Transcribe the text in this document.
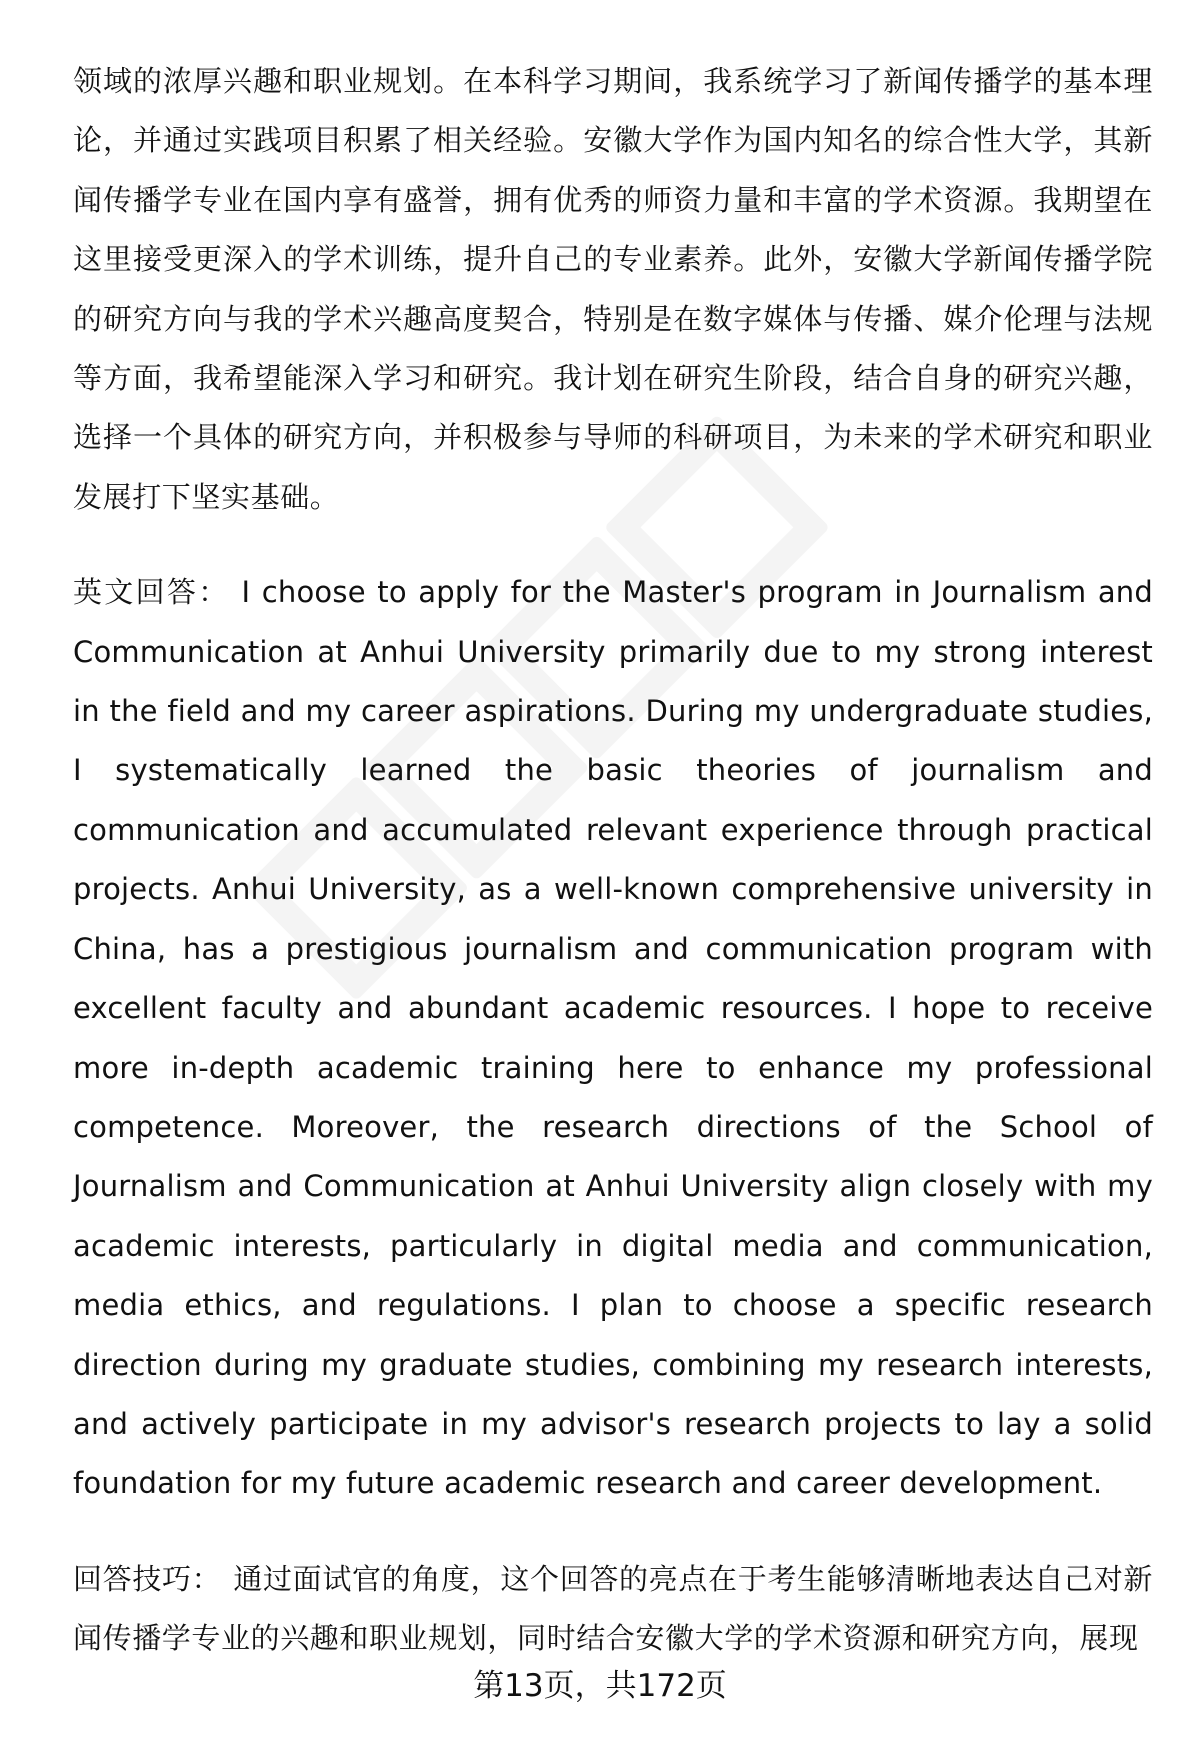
领域的浓厚兴趣和职业规划。在本科学习期间，我系统学习了新闻传播学的基本理论，并通过实践项目积累了相关经验。安徽大学作为国内知名的综合性大学，其新闻传播学专业在国内享有盛誉，拥有优秀的师资力量和丰富的学术资源。我期望在这里接受更深入的学术训练，提升自己的专业素养。此外，安徽大学新闻传播学院的研究方向与我的学术兴趣高度契合，特别是在数字媒体与传播、媒介伦理与法规等方面，我希望能深入学习和研究。我计划在研究生阶段，结合自身的研究兴趣，选择一个具体的研究方向，并积极参与导师的科研项目，为未来的学术研究和职业发展打下坚实基础。

英文回答： I choose to apply for the Master's program in Journalism and Communication at Anhui University primarily due to my strong interest in the field and my career aspirations. During my undergraduate studies, I systematically learned the basic theories of journalism and communication and accumulated relevant experience through practical projects. Anhui University, as a well-known comprehensive university in China, has a prestigious journalism and communication program with excellent faculty and abundant academic resources. I hope to receive more in-depth academic training here to enhance my professional competence. Moreover, the research directions of the School of Journalism and Communication at Anhui University align closely with my academic interests, particularly in digital media and communication, media ethics, and regulations. I plan to choose a specific research direction during my graduate studies, combining my research interests, and actively participate in my advisor's research projects to lay a solid foundation for my future academic research and career development.

回答技巧： 通过面试官的角度，这个回答的亮点在于考生能够清晰地表达自己对新闻传播学专业的兴趣和职业规划，同时结合安徽大学的学术资源和研究方向，展现

第13页，共172页
